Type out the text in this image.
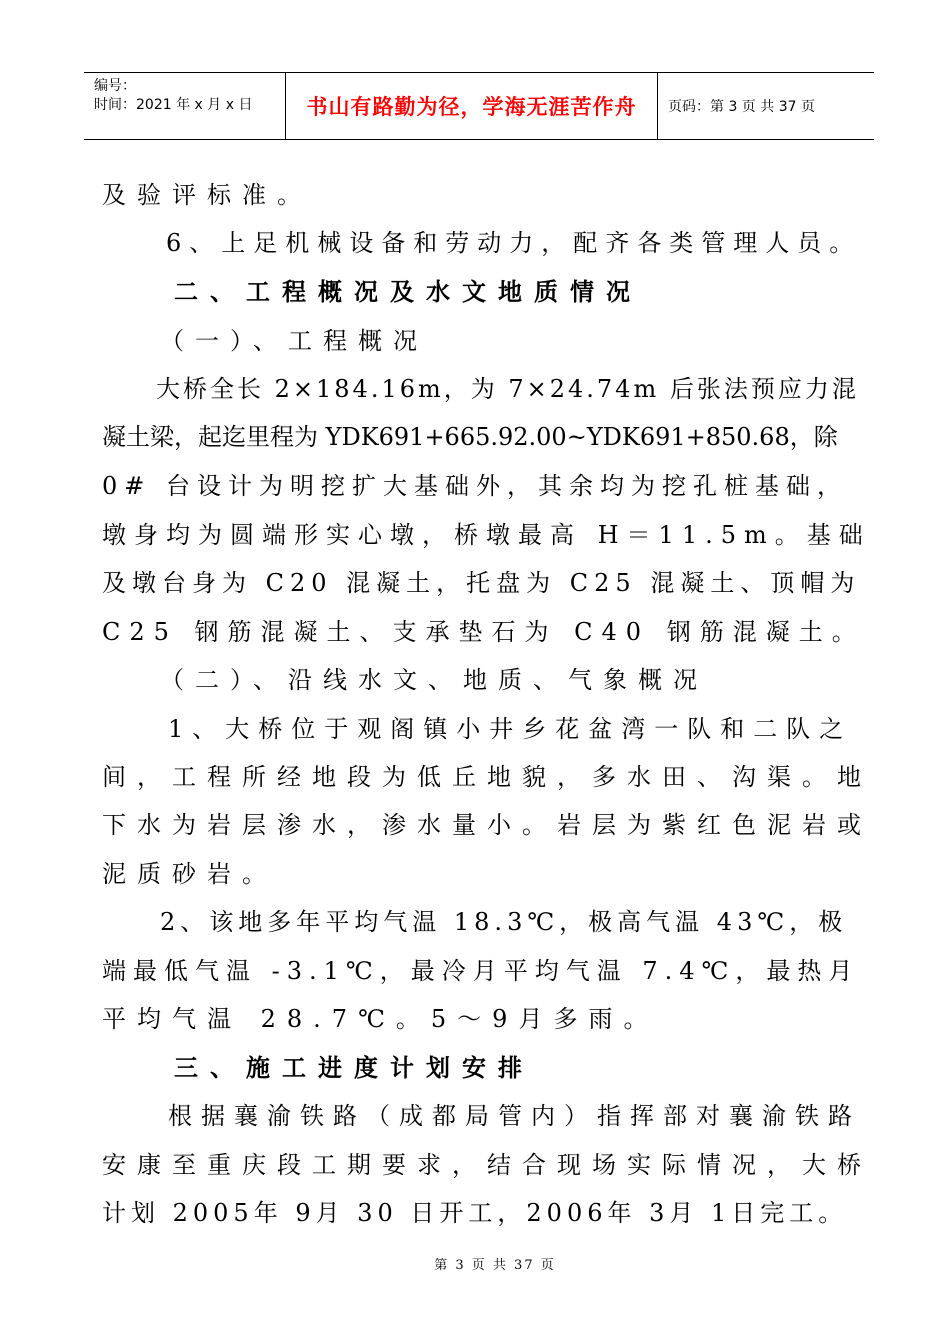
编号：
时间：2021 年 x 月 x 日	书山有路勤为径，学海无涯苦作舟	页码：第 3 页 共 37 页
及验评标准。
　　6、上足机械设备和劳动力，配齐各类管理人员。
　　二、工程概况及水文地质情况
　　（一）、工程概况
　　大桥全长 2×184.16m，为 7×24.74m 后张法预应力混
凝土梁，起迄里程为 YDK691+665.92.00~YDK691+850.68，除
0# 台设计为明挖扩大基础外，其余均为挖孔桩基础，
墩身均为圆端形实心墩，桥墩最高 H＝11.5m。基础
及墩台身为 C20 混凝土，托盘为 C25 混凝土、顶帽为
C25 钢筋混凝土、支承垫石为 C40 钢筋混凝土。
　　（二）、沿线水文、地质、气象概况
　　1、大桥位于观阁镇小井乡花盆湾一队和二队之
间，工程所经地段为低丘地貌，多水田、沟渠。地
下水为岩层渗水，渗水量小。岩层为紫红色泥岩或
泥质砂岩。
　　2、该地多年平均气温 18.3℃，极高气温 43℃，极
端最低气温 -3.1℃，最冷月平均气温 7.4℃，最热月
平均气温 28.7℃。5～9月多雨。
　　三、施工进度计划安排
　　根据襄渝铁路（成都局管内）指挥部对襄渝铁路
安康至重庆段工期要求，结合现场实际情况，大桥
计划 2005年 9月 30 日开工，2006年 3月 1日完工。
第 3 页 共 37 页
